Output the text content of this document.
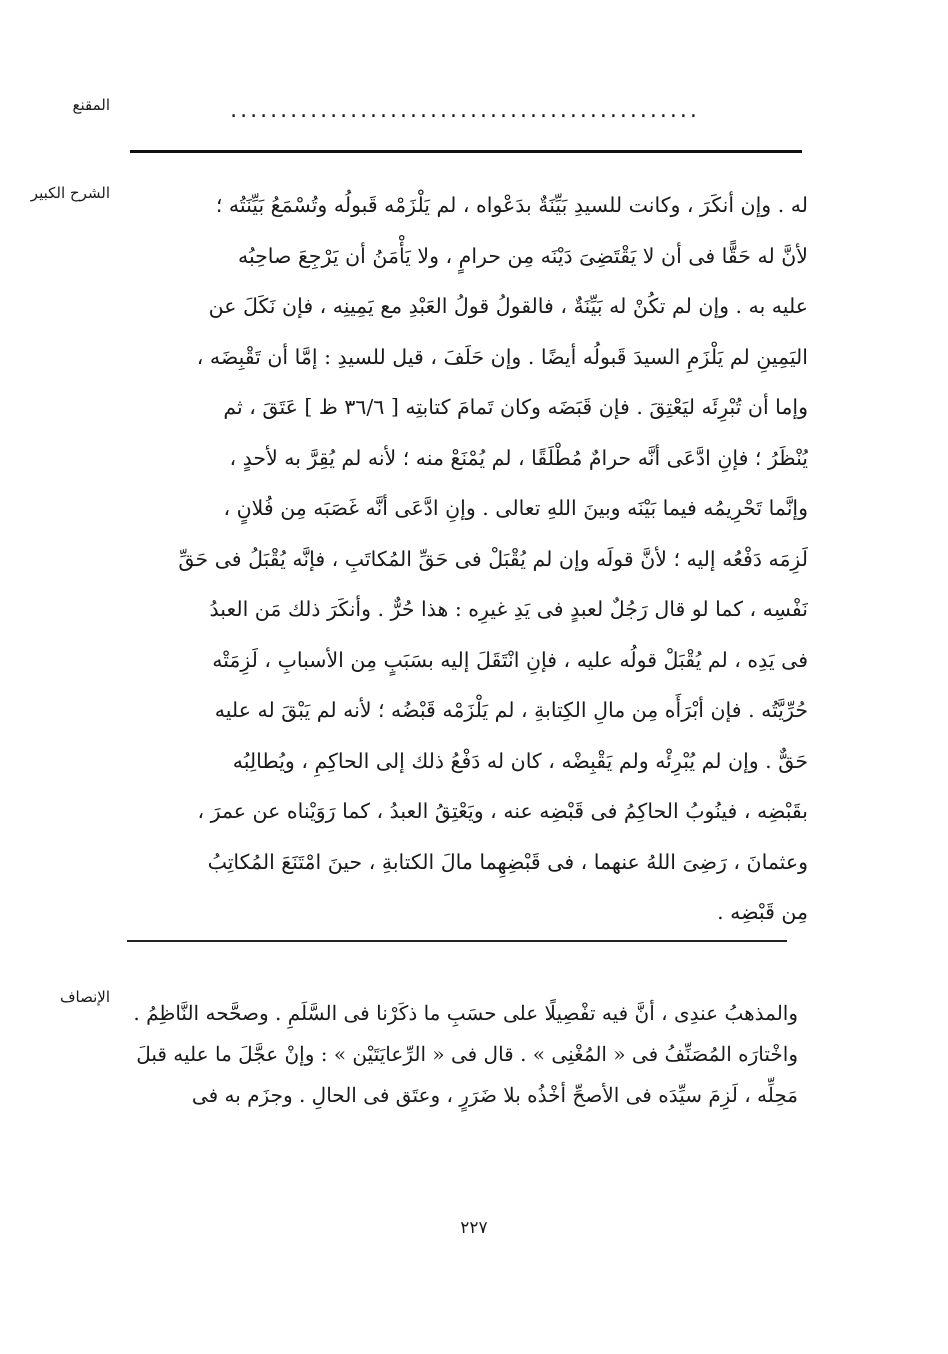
المقنع	...............................................
الشرح الكبير	له . وإن أنكَرَ ، وكانت للسيدِ بَيِّنَةٌ بدَعْواه ، لم يَلْزَمْه قَبولُه وتُسْمَعُ بَيِّنَتُه ؛
لأنَّ له حَقًّا فى أن لا يَقْتَضِىَ دَيْنَه مِن حرامٍ ، ولا يَأْمَنُ أن يَرْجِعَ صاحِبُه
عليه به . وإن لم تكُنْ له بَيِّنَةٌ ، فالقولُ قولُ العَبْدِ مع يَمِينِه ، فإن نَكَلَ عن
اليَمِينِ لم يَلْزَمِ السيدَ قَبولُه أيضًا . وإن حَلَفَ ، قيل للسيدِ : إمَّا أن تَقْبِضَه ،
وإما أن تُبْرِئَه ليَعْتِقَ . فإن قَبَضَه وكان تَمامَ كتابتِه [ ٣٦/٦ ظ ] عَتَقَ ، ثم
يُنْظَرُ ؛ فإنِ ادَّعَى أنَّه حرامٌ مُطْلَقًا ، لم يُمْنَعْ منه ؛ لأنه لم يُقِرَّ به لأحدٍ ،
وإنَّما تَحْرِيمُه فيما بَيْنَه وبينَ اللهِ تعالى . وإنِ ادَّعَى أنَّه غَصَبَه مِن فُلانٍ ،
لَزِمَه دَفْعُه إليه ؛ لأنَّ قولَه وإن لم يُقْبَلْ فى حَقِّ المُكاتَبِ ، فإنَّه يُقْبَلُ فى حَقِّ
نَفْسِه ، كما لو قال رَجُلٌ لعبدٍ فى يَدِ غيرِه : هذا حُرٌّ . وأنكَرَ ذلك مَن العبدُ
فى يَدِه ، لم يُقْبَلْ قولُه عليه ، فإنِ انْتَقَلَ إليه بسَبَبٍ مِن الأسبابِ ، لَزِمَتْه
حُرِّيَّتُه . فإن أبْرَأَه مِن مالِ الكِتابةِ ، لم يَلْزَمْه قَبْضُه ؛ لأنه لم يَبْقَ له عليه
حَقٌّ . وإن لم يُبْرِئْه ولم يَقْبِضْه ، كان له دَفْعُ ذلك إلى الحاكِمِ ، ويُطالِبُه
بقَبْضِه ، فينُوبُ الحاكِمُ فى قَبْضِه عنه ، ويَعْتِقُ العبدُ ، كما رَوَيْناه عن عمرَ ،
وعثمانَ ، رَضِىَ اللهُ عنهما ، فى قَبْضِهِما مالَ الكتابةِ ، حينَ امْتَنَعَ المُكاتِبُ
مِن قَبْضِه .
الإنصاف
والمذهبُ عندِى ، أنَّ فيه تفْصِيلًا على حسَبِ ما ذكَرْنا فى السَّلَمِ . وصحَّحه النَّاظِمُ .
واخْتارَه المُصَنِّفُ فى « المُغْنِى » . قال فى « الرِّعايَتَيْن » : وإنْ عجَّلَ ما عليه قبلَ
مَحِلِّه ، لَزِمَ سيِّدَه فى الأصحِّ أخْذُه بلا ضَرَرٍ ، وعتَق فى الحالِ . وجزَم به فى
٢٢٧
